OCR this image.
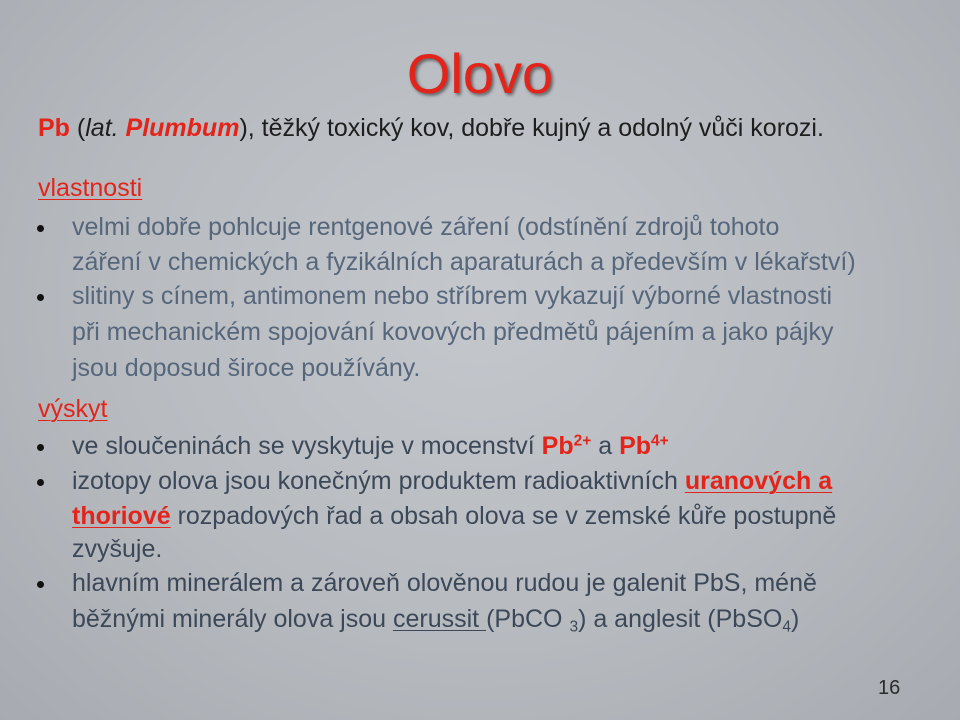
Olovo
Pb (lat. Plumbum), těžký toxický kov, dobře kujný a odolný vůči korozi.
vlastnosti
velmi dobře pohlcuje rentgenové záření (odstínění zdrojů tohoto
záření v chemických a fyzikálních aparaturách a především v lékařství)
slitiny s cínem, antimonem nebo stříbrem vykazují výborné vlastnosti
při mechanickém spojování kovových předmětů pájením a jako pájky
jsou doposud široce používány.
výskyt
ve sloučeninách se vyskytuje v mocenství $Pb^{2+}$ a $Pb^{4+}$
izotopy olova jsou konečným produktem radioaktivních uranových a
thoriové rozpadových řad a obsah olova se v zemské kůře postupně
zvyšuje.
hlavním minerálem a zároveň olověnou rudou je galenit PbS, méně
běžnými minerály olova jsou cerussit (PbCO $_3$) a anglesit (PbSO$_4$)
16
